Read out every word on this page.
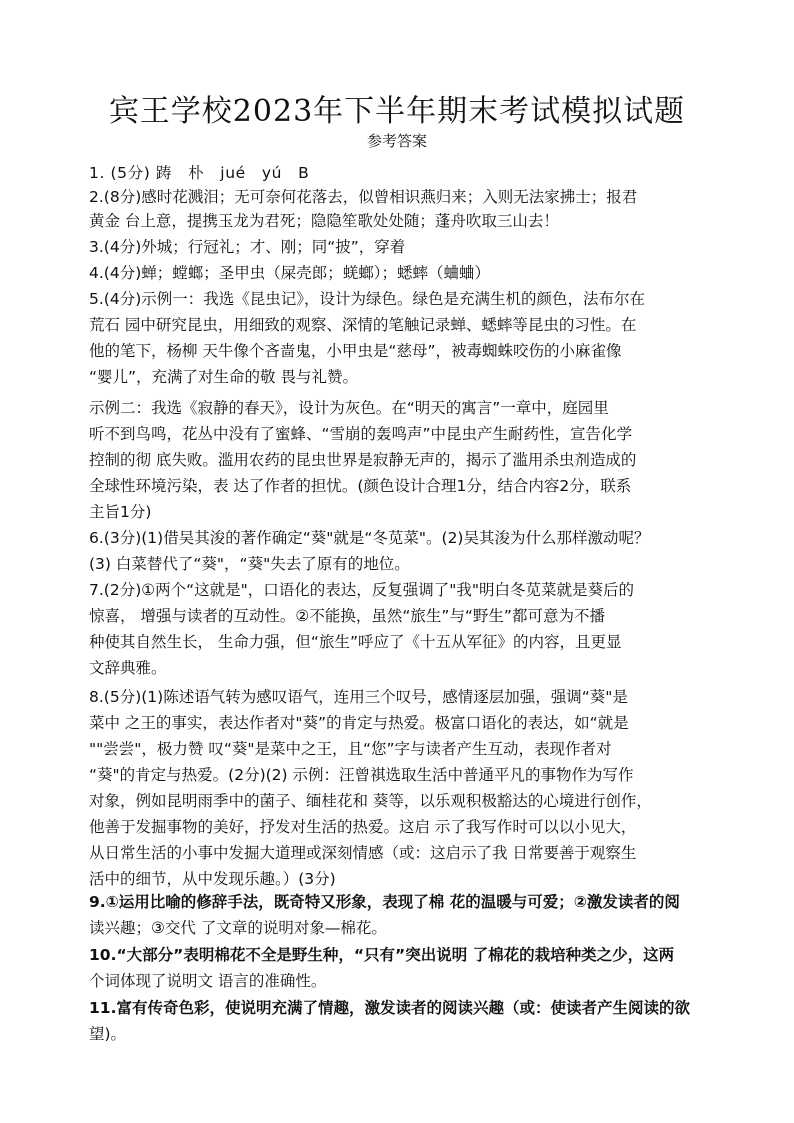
宾王学校2023年下半年期末考试模拟试题
参考答案
1. (5分) 踌　朴　jué　yú　B
2.(8分)感时花溅泪；无可奈何花落去，似曾相识燕归来；入则无法家拂士；报君
黄金 台上意，提携玉龙为君死；隐隐笙歌处处随；蓬舟吹取三山去！
3.(4分)外城；行冠礼；才、刚；同“披”，穿着
4.(4分)蝉；螳螂；圣甲虫（屎壳郎；蜣螂）；蟋蟀（蛐蛐）
5.(4分)示例一：我选《昆虫记》，设计为绿色。绿色是充满生机的颜色，法布尔在
荒石 园中研究昆虫，用细致的观察、深情的笔触记录蝉、蟋蟀等昆虫的习性。在
他的笔下，杨柳 天牛像个吝啬鬼，小甲虫是“慈母”，被毒蜘蛛咬伤的小麻雀像
“婴儿”，充满了对生命的敬 畏与礼赞。
示例二：我选《寂静的春天》，设计为灰色。在“明天的寓言”一章中，庭园里
听不到鸟鸣，花丛中没有了蜜蜂、“雪崩的轰鸣声”中昆虫产生耐药性，宣告化学
控制的彻 底失败。滥用农药的昆虫世界是寂静无声的，揭示了滥用杀虫剂造成的
全球性环境污染，表 达了作者的担忧。(颜色设计合理1分，结合内容2分，联系
主旨1分)
6.(3分)(1)借吴其浚的著作确定“葵"就是“冬苋菜"。(2)吴其浚为什么那样激动呢？
(3) 白菜替代了“葵"，“葵"失去了原有的地位。
7.(2分)①两个“这就是"，口语化的表达，反复强调了"我"明白冬苋菜就是葵后的
惊喜， 增强与读者的互动性。②不能换，虽然“旅生”与“野生”都可意为不播
种使其自然生长， 生命力强，但“旅生”呼应了《十五从军征》的内容，且更显
文辞典雅。
8.(5分)(1)陈述语气转为感叹语气，连用三个叹号，感情逐层加强，强调“葵"是
菜中 之王的事实，表达作者对"葵”的肯定与热爱。极富口语化的表达，如“就是
""尝尝"，极力赞 叹“葵"是菜中之王，且“您”字与读者产生互动，表现作者对
“葵"的肯定与热爱。(2分)(2) 示例：汪曾祺选取生活中普通平凡的事物作为写作
对象，例如昆明雨季中的菌子、缅桂花和 葵等，以乐观积极豁达的心境进行创作，
他善于发掘事物的美好，抒发对生活的热爱。这启 示了我写作时可以以小见大，
从日常生活的小事中发掘大道理或深刻情感（或：这启示了我 日常要善于观察生
活中的细节，从中发现乐趣。）(3分)
9.①运用比喻的修辞手法，既奇特又形象，表现了棉 花的温暖与可爱；②激发读者的阅
读兴趣；③交代 了文章的说明对象—棉花。
10.“大部分”表明棉花不全是野生种，“只有”突出说明 了棉花的栽培种类之少，这两
个词体现了说明文 语言的准确性。
11.富有传奇色彩，使说明充满了情趣，激发读者的阅读兴趣（或：使读者产生阅读的欲
望)。
